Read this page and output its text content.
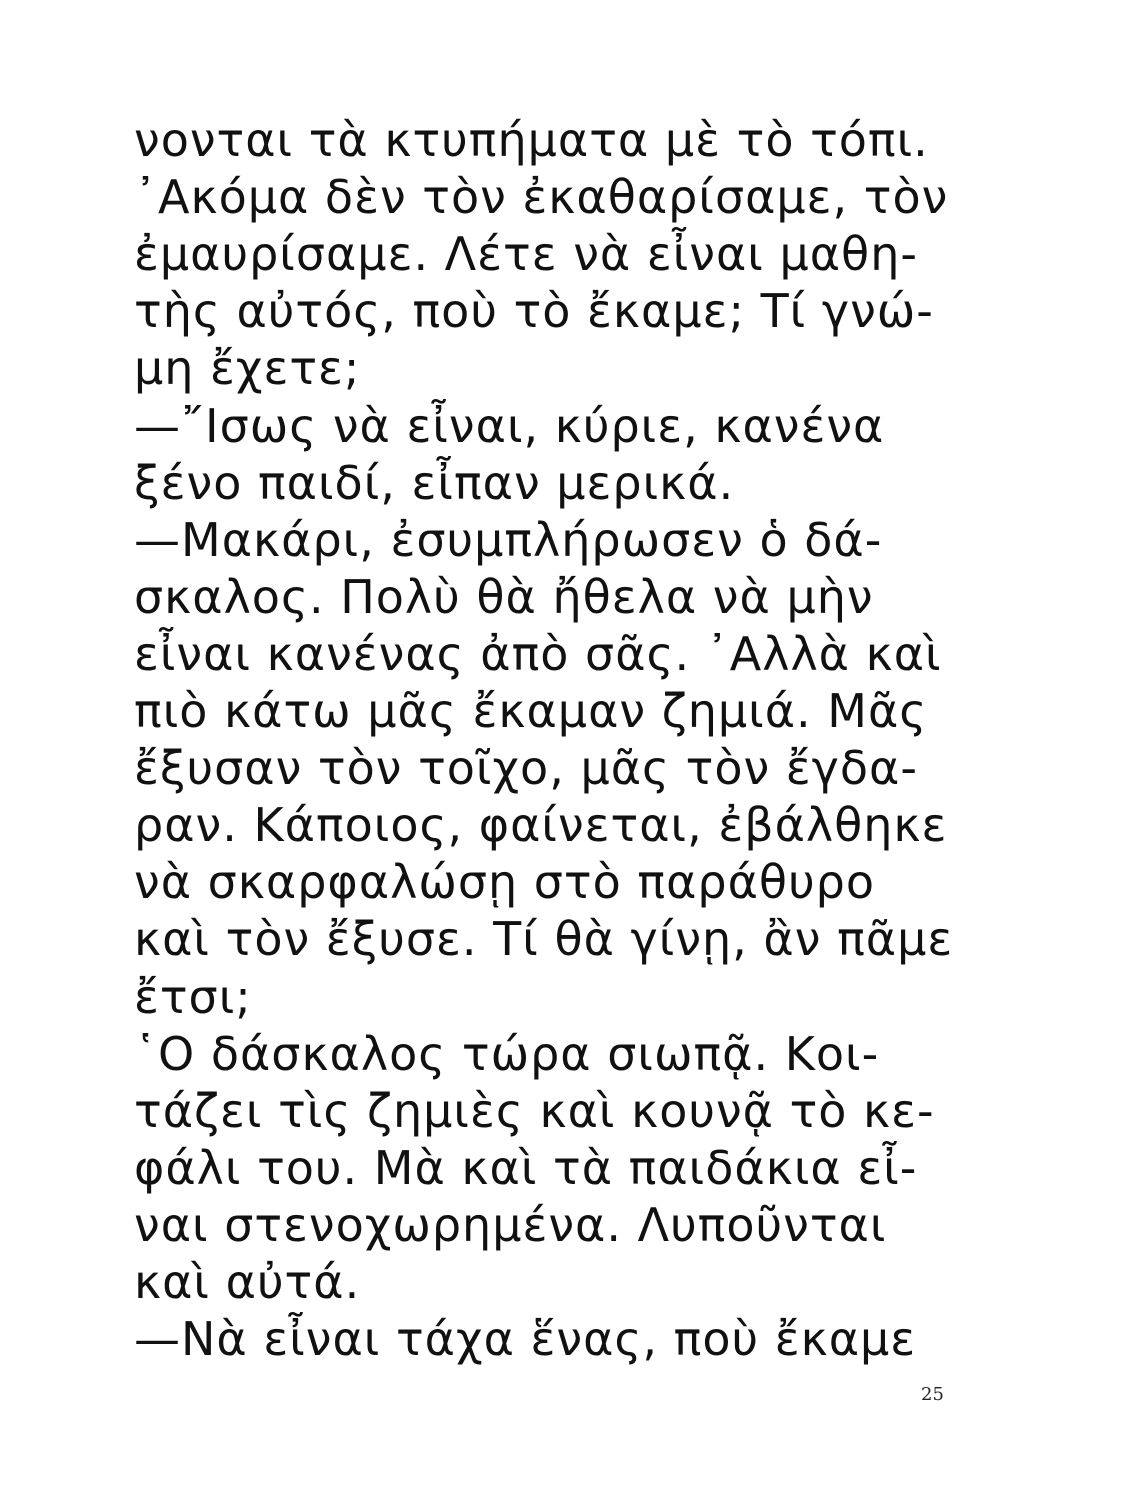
νονται τὰ κτυπήματα μὲ τὸ τόπι.
᾿Ακόμα δὲν τὸν ἐκαθαρίσαμε, τὸν
ἐμαυρίσαμε. Λέτε νὰ εἶναι μαθη-
τὴς αὐτός, ποὺ τὸ ἔκαμε; Τί γνώ-
μη ἔχετε;
—῎Ισως νὰ εἶναι, κύριε, κανένα
ξένο παιδί, εἶπαν μερικά.
—Μακάρι, ἐσυμπλήρωσεν ὁ δά-
σκαλος. Πολὺ θὰ ἤθελα νὰ μὴν
εἶναι κανένας ἀπὸ σᾶς. ᾿Αλλὰ καὶ
πιὸ κάτω μᾶς ἔκαμαν ζημιά. Μᾶς
ἔξυσαν τὸν τοῖχο, μᾶς τὸν ἔγδα-
ραν. Κάποιος, φαίνεται, ἐβάλθηκε
νὰ σκαρφαλώσῃ στὸ παράθυρο
καὶ τὸν ἔξυσε. Τί θὰ γίνῃ, ἂν πᾶμε
ἔτσι;
῾Ο δάσκαλος τώρα σιωπᾷ. Κοι-
τάζει τὶς ζημιὲς καὶ κουνᾷ τὸ κε-
φάλι του. Μὰ καὶ τὰ παιδάκια εἶ-
ναι στενοχωρημένα. Λυποῦνται
καὶ αὐτά.
—Νὰ εἶναι τάχα ἕνας, ποὺ ἔκαμε
25
